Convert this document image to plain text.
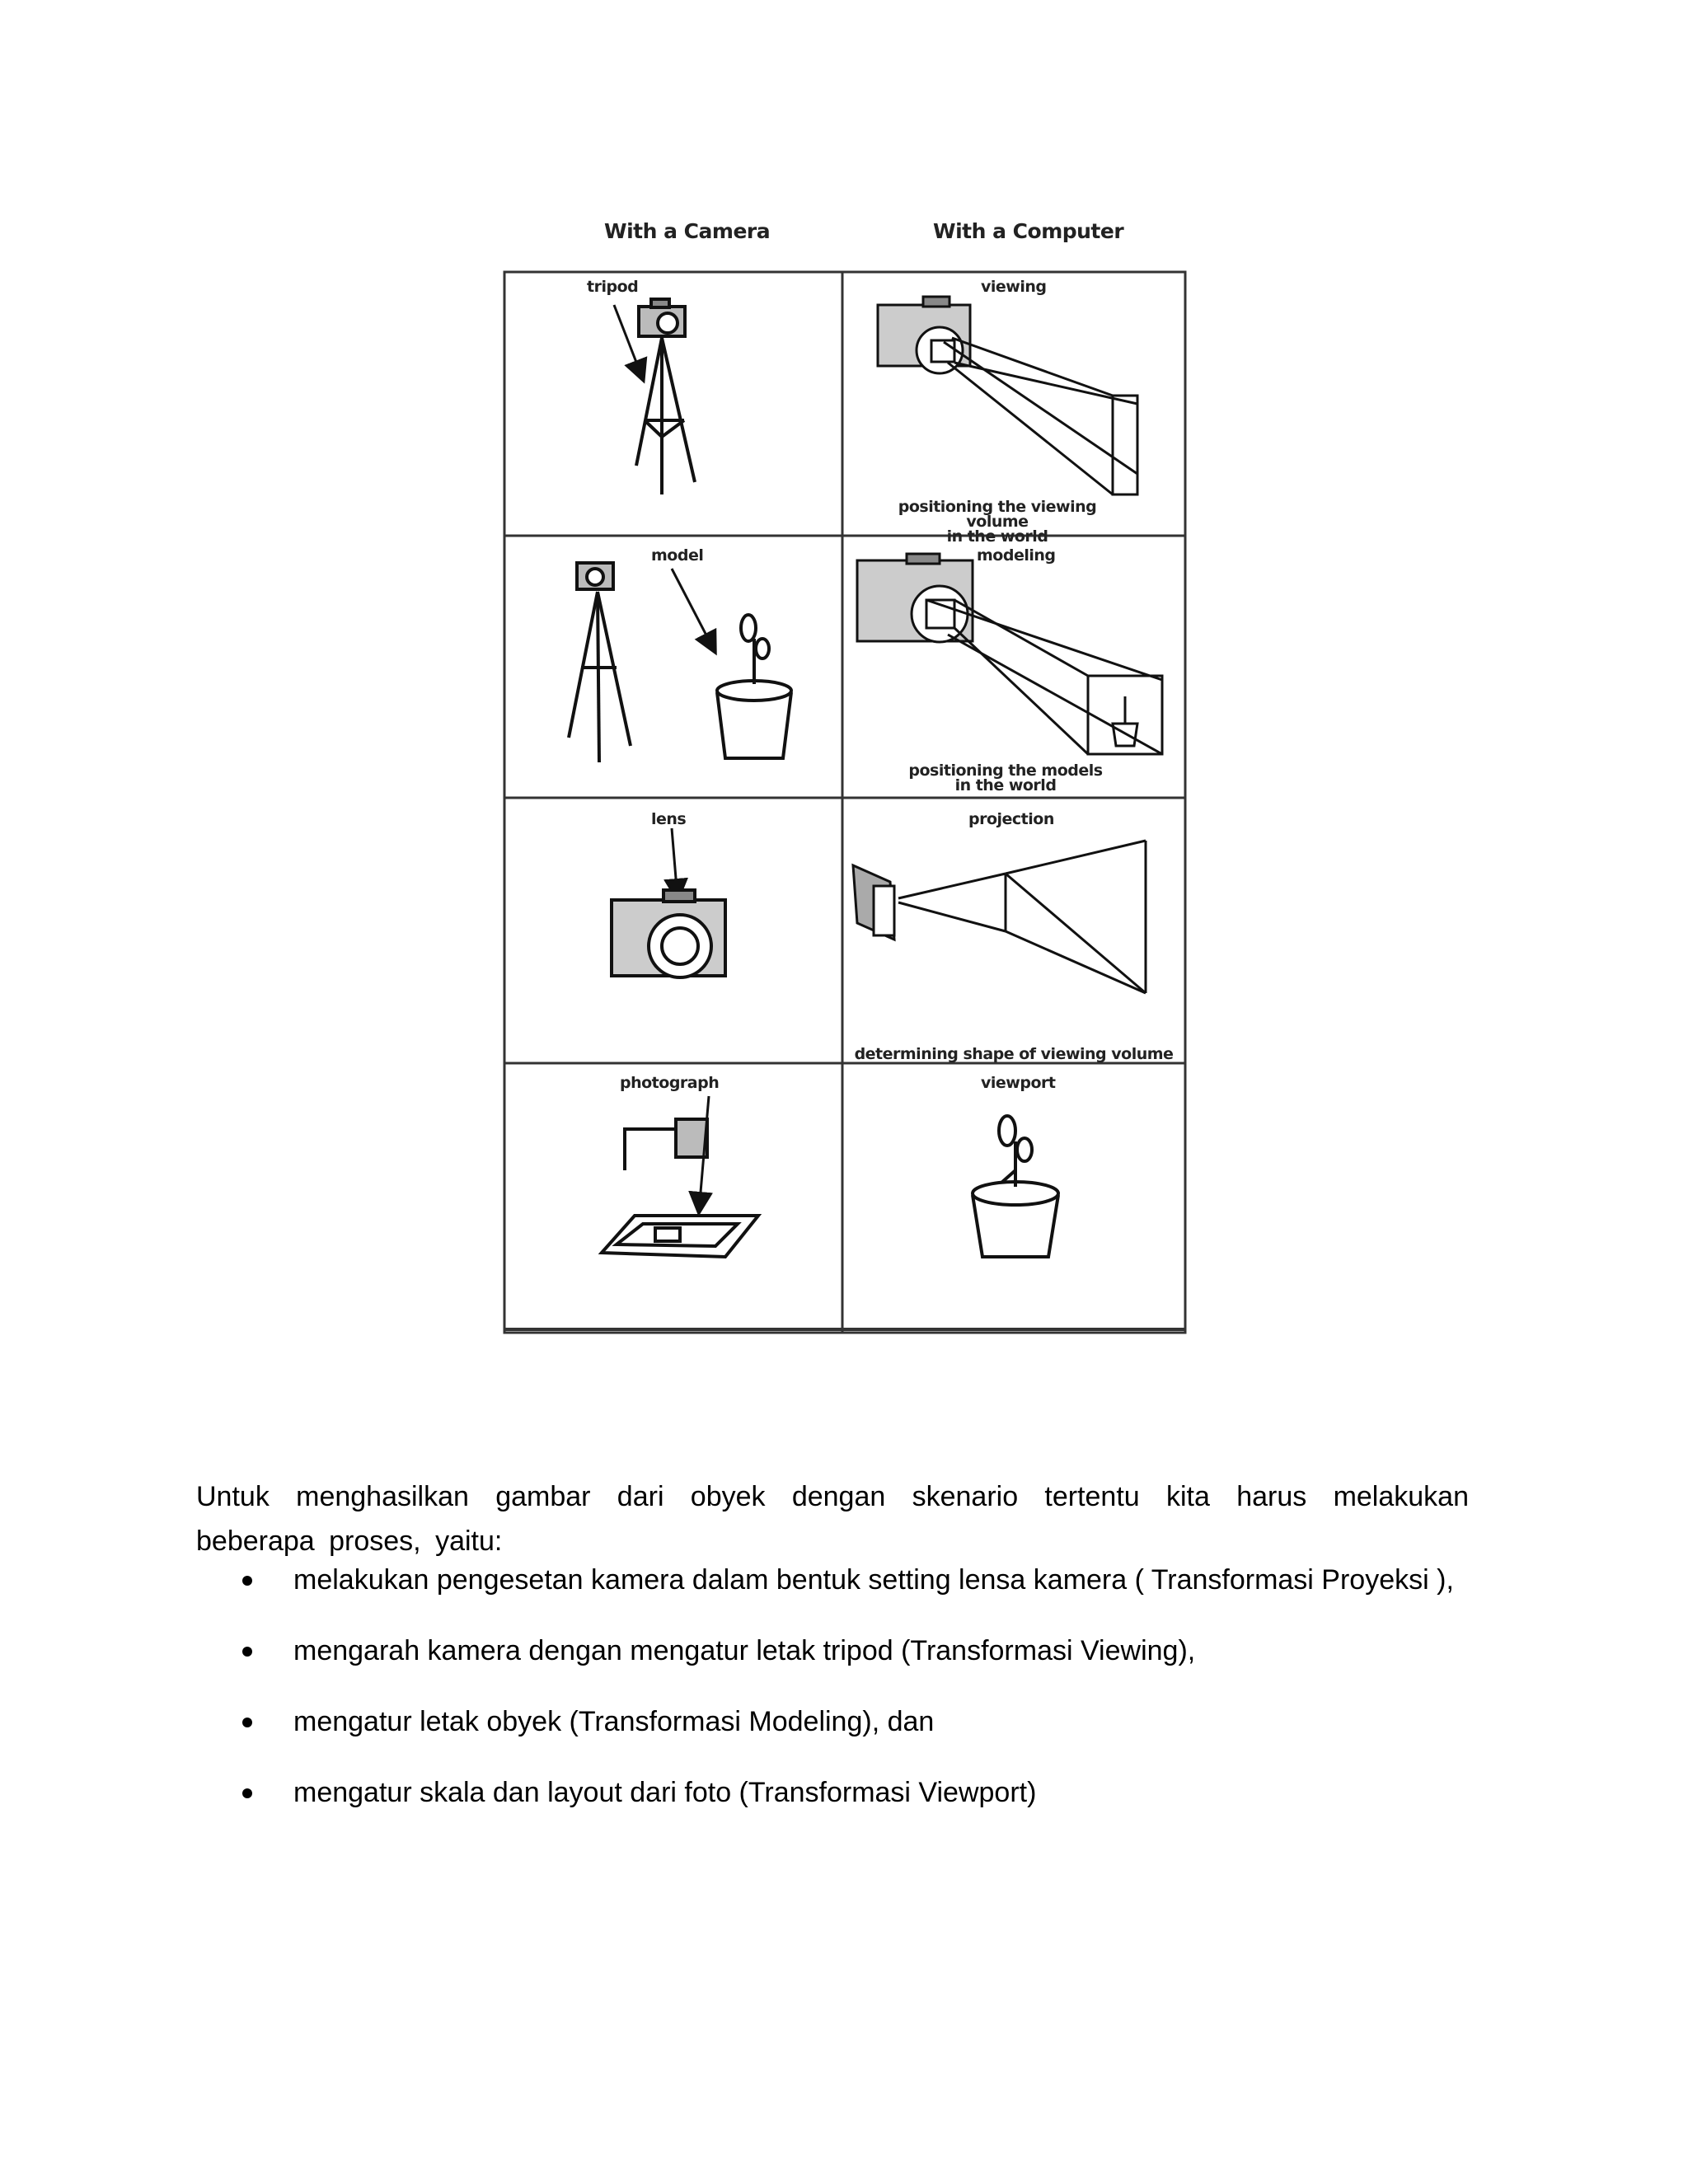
With a Camera	With a Computer
tripod	viewing
positioning the viewing volume
in the world
model	modeling
positioning the models
in the world
lens	projection
determining shape of viewing volume
photograph	viewport

Untuk menghasilkan gambar dari obyek dengan skenario tertentu kita harus melakukan beberapa proses, yaitu:

melakukan pengesetan kamera dalam bentuk setting lensa kamera ( Transformasi Proyeksi ),
mengarah kamera dengan mengatur letak tripod (Transformasi Viewing),
mengatur letak obyek (Transformasi Modeling), dan
mengatur skala dan layout dari foto (Transformasi Viewport)
